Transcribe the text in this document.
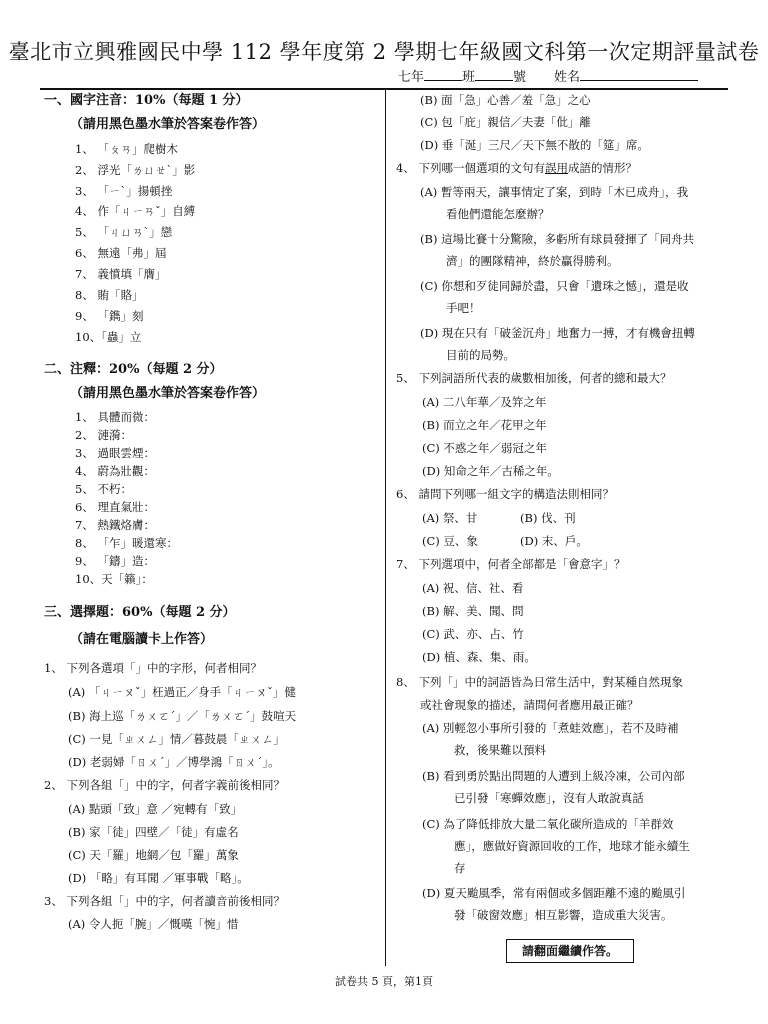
臺北市立興雅國民中學 112 學年度第 2 學期七年級國文科第一次定期評量試卷
七年	班	號 姓名
一、國字注音：10%（每題 1 分）
（請用黑色墨水筆於答案卷作答）
1、 「ㄆㄢ」爬樹木
2、 浮光「ㄌㄩㄝˋ」影
3、 「ㄧˋ」揚頓挫
4、 作「ㄐㄧㄢˇ」自縛
5、 「ㄐㄩㄢˋ」戀
6、 無遠「弗」屆
7、 義憤填「膺」
8、 賄「賂」
9、 「鐫」刻
10、「蟲」立
二、注釋：20%（每題 2 分）
（請用黑色墨水筆於答案卷作答）
1、 具體而微：
2、 漣漪：
3、 過眼雲煙：
4、 蔚為壯觀：
5、 不朽：
6、 理直氣壯：
7、 熱鐵烙膚：
8、 「乍」暖還寒：
9、 「鑄」造：
10、天「籟」：
三、選擇題：60%（每題 2 分）
（請在電腦讀卡上作答）
1、 下列各選項「」中的字形，何者相同？
(A) 「ㄐㄧㄡˇ」枉過正／身手「ㄐㄧㄡˇ」健
(B) 海上巡「ㄌㄨㄛˊ」／「ㄌㄨㄛˊ」鼓喧天
(C) 一見「ㄓㄨㄥ」情／暮鼓晨「ㄓㄨㄥ」
(D) 老弱婦「ㄖㄨˊ」／博學鴻「ㄖㄨˊ」。
2、 下列各組「」中的字，何者字義前後相同？
(A) 點頭「致」意 ／宛轉有「致」
(B) 家「徒」四壁／「徒」有虛名
(C) 天「羅」地網／包「羅」萬象
(D) 「略」有耳聞 ／軍事戰「略」。
3、 下列各組「」中的字，何者讀音前後相同？
(A) 令人扼「腕」／慨嘆「惋」惜
(B) 面「急」心善／羞「急」之心
(C) 包「庇」親信／夫妻「仳」離
(D) 垂「涎」三尺／天下無不散的「筵」席。
4、 下列哪一個選項的文句有誤用成語的情形？
(A) 暫等兩天，讓事情定了案，到時「木已成舟」，我
看他們還能怎麼辦？
(B) 這場比賽十分驚險，多虧所有球員發揮了「同舟共
濟」的團隊精神，終於贏得勝利。
(C) 你想和歹徒同歸於盡，只會「遺珠之憾」，還是收
手吧！
(D) 現在只有「破釜沉舟」地奮力一搏，才有機會扭轉
目前的局勢。
5、 下列詞語所代表的歲數相加後，何者的總和最大？
(A) 二八年華／及笄之年
(B) 而立之年／花甲之年
(C) 不惑之年／弱冠之年
(D) 知命之年／古稀之年。
6、 請問下列哪一組文字的構造法則相同？
(A) 祭、甘	(B) 伐、刊
(C) 豆、象	(D) 末、戶。
7、 下列選項中，何者全部都是「會意字」？
(A) 祝、信、社、看
(B) 解、美、聞、問
(C) 武、亦、占、竹
(D) 植、森、集、雨。
8、 下列「」中的詞語皆為日常生活中，對某種自然現象
或社會現象的描述，請問何者應用最正確？
(A) 別輕忽小事所引發的「煮蛙效應」，若不及時補
救，後果難以預料
(B) 看到勇於點出問題的人遭到上級冷凍，公司內部
已引發「寒蟬效應」，沒有人敢說真話
(C) 為了降低排放大量二氧化碳所造成的「羊群效
應」，應做好資源回收的工作，地球才能永續生
存
(D) 夏天颱風季，常有兩個或多個距離不遠的颱風引
發「破窗效應」相互影響，造成重大災害。
請翻面繼續作答。
試卷共 5 頁，第1頁
